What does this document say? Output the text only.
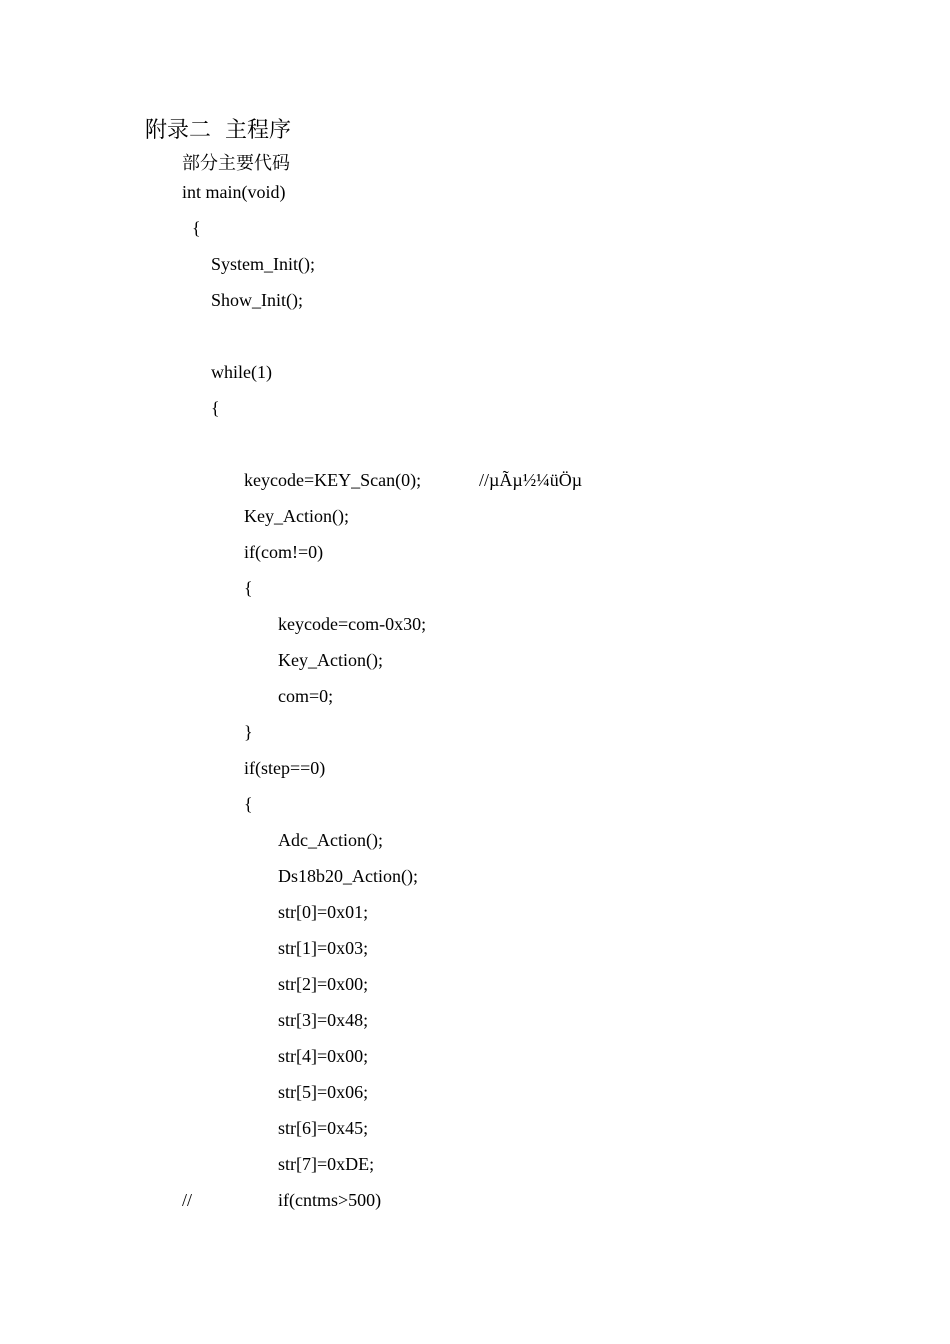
附录二  主程序
部分主要代码
int main(void)
{
System_Init();
Show_Init();
while(1)
{
keycode=KEY_Scan(0);	//µÃµ½¼üÖµ
Key_Action();
if(com!=0)
{
keycode=com-0x30;
Key_Action();
com=0;
}
if(step==0)
{
Adc_Action();
Ds18b20_Action();
str[0]=0x01;
str[1]=0x03;
str[2]=0x00;
str[3]=0x48;
str[4]=0x00;
str[5]=0x06;
str[6]=0x45;
str[7]=0xDE;
//	if(cntms>500)
